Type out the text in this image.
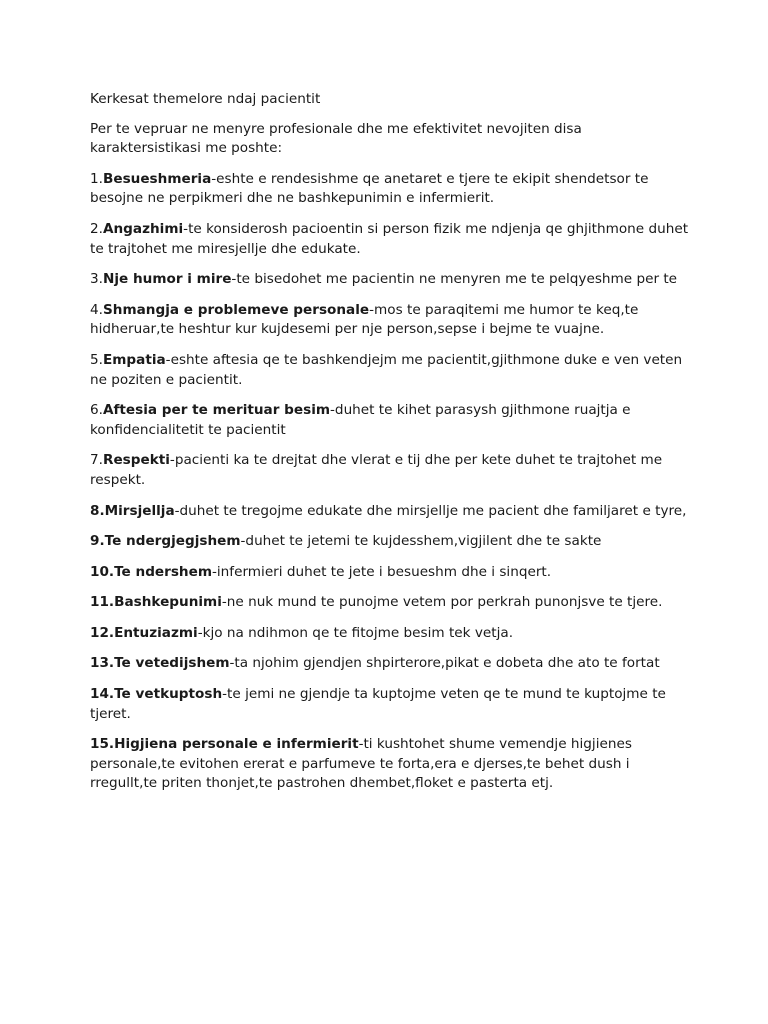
Kerkesat themelore ndaj pacientit

Per te vepruar ne menyre profesionale dhe me efektivitet nevojiten disa karaktersistikasi me poshte:

1.Besueshmeria-eshte e rendesishme qe anetaret e tjere te ekipit shendetsor te besojne ne perpikmeri dhe ne bashkepunimin e infermierit.

2.Angazhimi-te konsiderosh pacioentin si person fizik me ndjenja qe ghjithmone duhet te trajtohet me miresjellje dhe edukate.

3.Nje humor i mire-te bisedohet me pacientin ne menyren me te pelqyeshme per te

4.Shmangja e problemeve personale-mos te paraqitemi me humor te keq,te hidheruar,te heshtur kur kujdesemi per nje person,sepse i bejme te vuajne.

5.Empatia-eshte aftesia qe te bashkendjejm me pacientit,gjithmone duke e ven veten ne poziten e pacientit.

6.Aftesia per te merituar besim-duhet te kihet parasysh gjithmone ruajtja e konfidencialitetit te pacientit

7.Respekti-pacienti ka te drejtat dhe vlerat e tij dhe per kete duhet te trajtohet me respekt.

8.Mirsjellja-duhet te tregojme edukate dhe mirsjellje me pacient dhe familjaret e tyre,

9.Te ndergjegjshem-duhet te jetemi te kujdesshem,vigjilent dhe te sakte

10.Te ndershem-infermieri duhet te jete i besueshm dhe i sinqert.

11.Bashkepunimi-ne nuk mund te punojme vetem por perkrah punonjsve te tjere.

12.Entuziazmi-kjo na ndihmon qe te fitojme besim tek vetja.

13.Te vetedijshem-ta njohim gjendjen shpirterore,pikat e dobeta dhe ato te fortat

14.Te vetkuptosh-te jemi ne gjendje ta kuptojme veten qe te mund te kuptojme te tjeret.

15.Higjiena personale e infermierit-ti kushtohet shume vemendje higjienes personale,te evitohen ererat e parfumeve te forta,era e djerses,te behet dush i rregullt,te priten thonjet,te pastrohen dhembet,floket e pasterta etj.
